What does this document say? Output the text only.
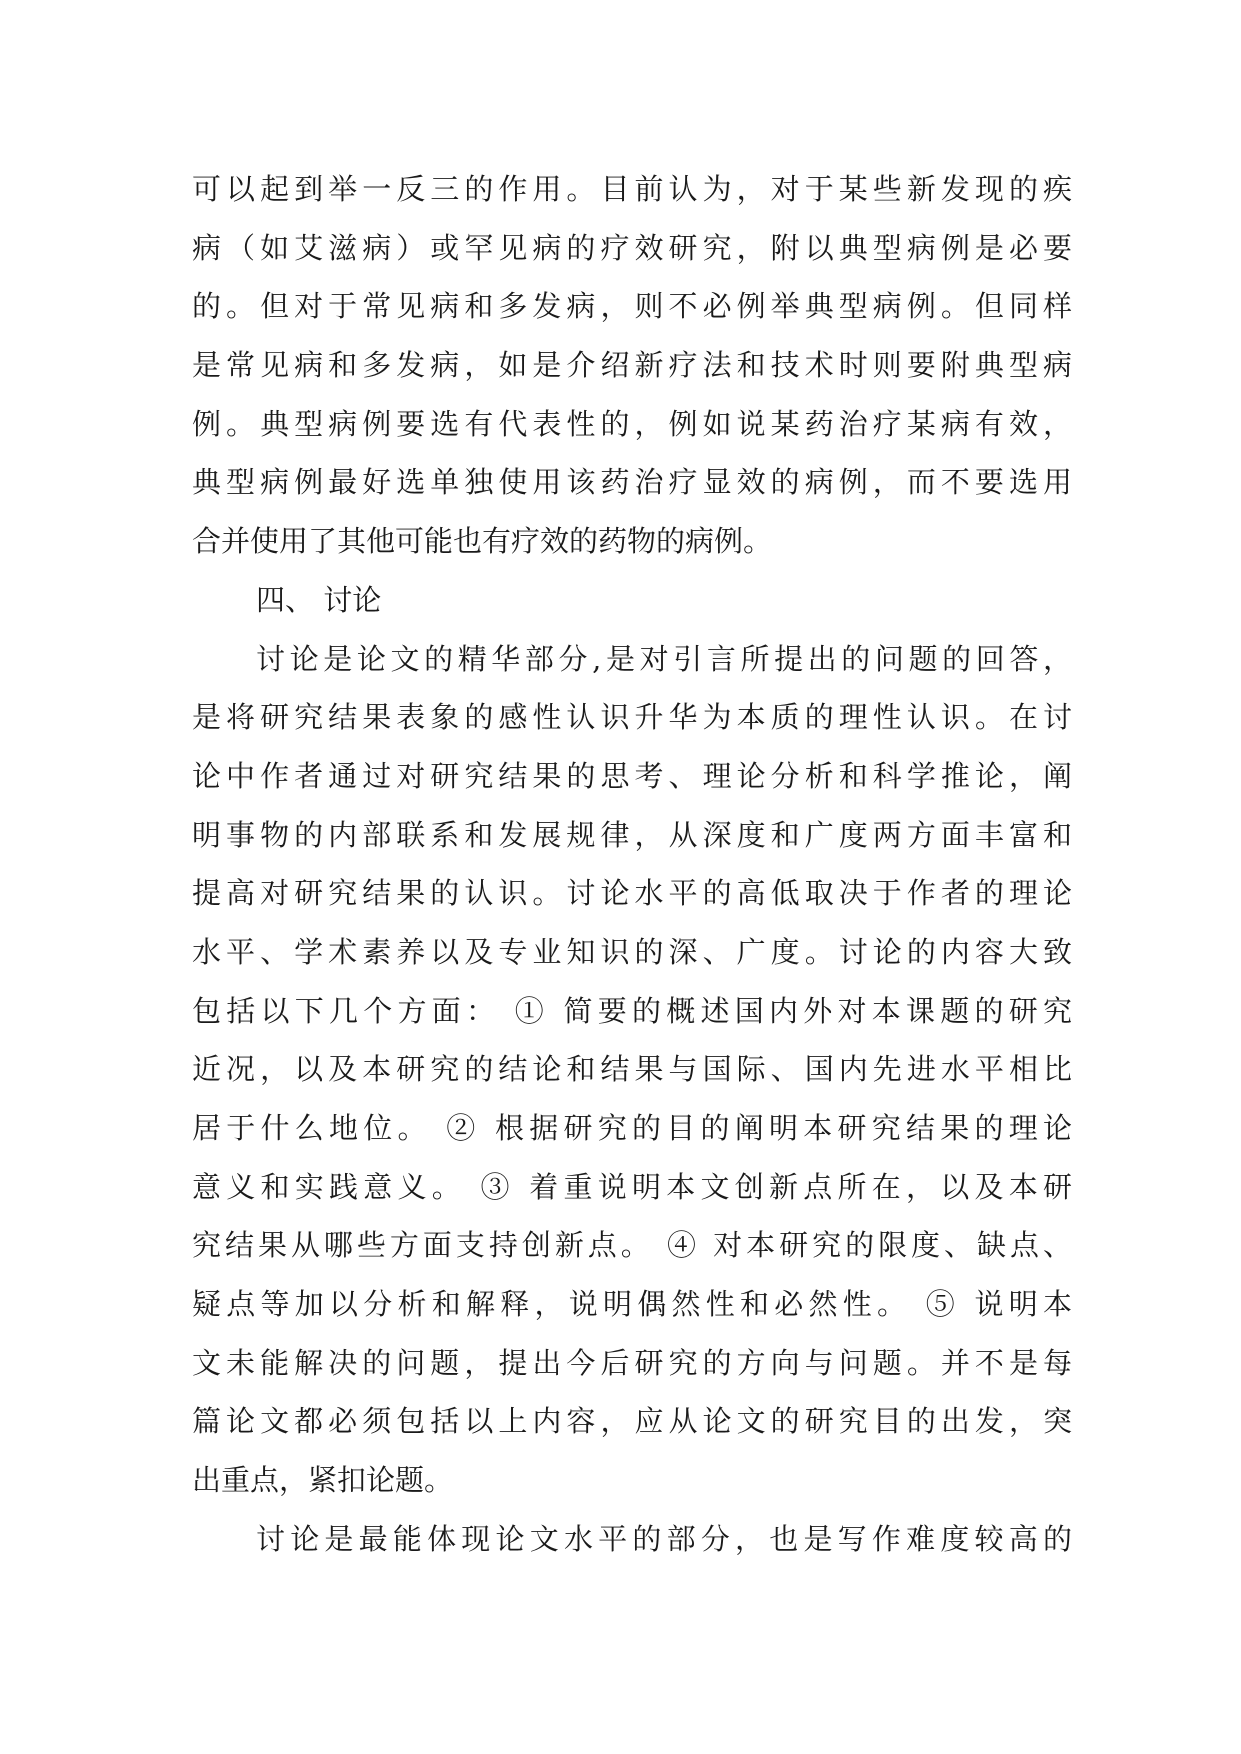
可以起到举一反三的作用。目前认为，对于某些新发现的疾
病（如艾滋病）或罕见病的疗效研究，附以典型病例是必要
的。但对于常见病和多发病，则不必例举典型病例。但同样
是常见病和多发病，如是介绍新疗法和技术时则要附典型病
例。典型病例要选有代表性的，例如说某药治疗某病有效，
典型病例最好选单独使用该药治疗显效的病例，而不要选用
合并使用了其他可能也有疗效的药物的病例。
四、 讨论
讨论是论文的精华部分,是对引言所提出的问题的回答，
是将研究结果表象的感性认识升华为本质的理性认识。在讨
论中作者通过对研究结果的思考、理论分析和科学推论，阐
明事物的内部联系和发展规律，从深度和广度两方面丰富和
提高对研究结果的认识。讨论水平的高低取决于作者的理论
水平、学术素养以及专业知识的深、广度。讨论的内容大致
包括以下几个方面： ① 简要的概述国内外对本课题的研究
近况，以及本研究的结论和结果与国际、国内先进水平相比
居于什么地位。 ② 根据研究的目的阐明本研究结果的理论
意义和实践意义。 ③ 着重说明本文创新点所在，以及本研
究结果从哪些方面支持创新点。 ④ 对本研究的限度、缺点、
疑点等加以分析和解释，说明偶然性和必然性。 ⑤ 说明本
文未能解决的问题，提出今后研究的方向与问题。并不是每
篇论文都必须包括以上内容，应从论文的研究目的出发，突
出重点，紧扣论题。
讨论是最能体现论文水平的部分，也是写作难度较高的
